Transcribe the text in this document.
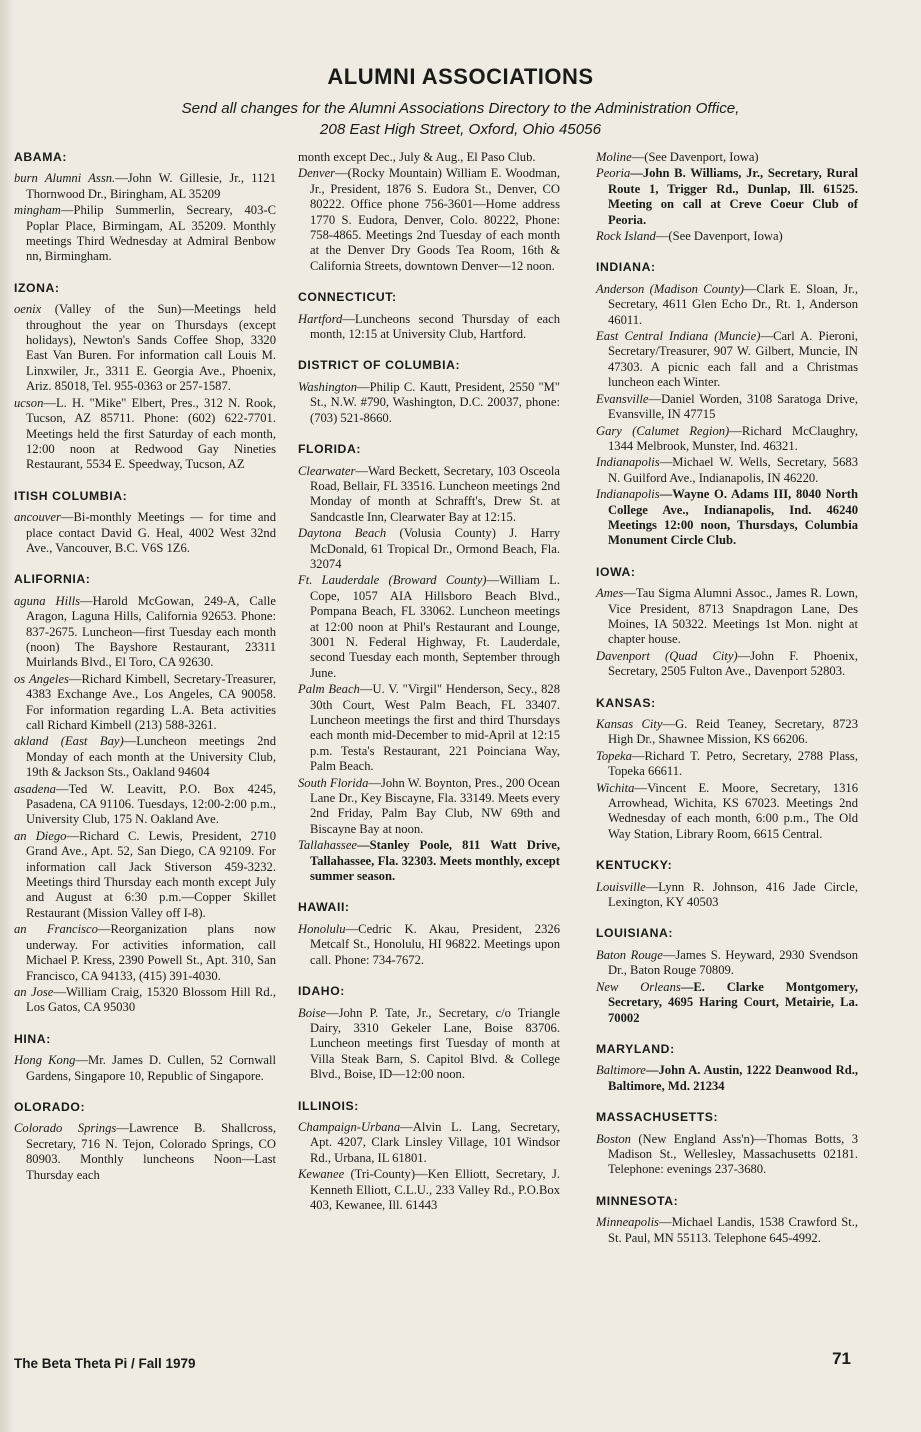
ALUMNI ASSOCIATIONS

Send all changes for the Alumni Associations Directory to the Administration Office,
208 East High Street, Oxford, Ohio 45056

ABAMA:

burn Alumni Assn.—John W. Gillesie, Jr., 1121 Thornwood Dr., Biringham, AL 35209

mingham—Philip Summerlin, Secreary, 403-C Poplar Place, Birmingam, AL 35209. Monthly meetings Third Wednesday at Admiral Benbow nn, Birmingham.

IZONA:

oenix (Valley of the Sun)—Meetings held throughout the year on Thursdays (except holidays), Newton's Sands Coffee Shop, 3320 East Van Buren. For information call Louis M. Linxwiler, Jr., 3311 E. Georgia Ave., Phoenix, Ariz. 85018, Tel. 955-0363 or 257-1587.

ucson—L. H. "Mike" Elbert, Pres., 312 N. Rook, Tucson, AZ 85711. Phone: (602) 622-7701. Meetings held the first Saturday of each month, 12:00 noon at Redwood Gay Nineties Restaurant, 5534 E. Speedway, Tucson, AZ

ITISH COLUMBIA:

ancouver—Bi-monthly Meetings — for time and place contact David G. Heal, 4002 West 32nd Ave., Vancouver, B.C. V6S 1Z6.

ALIFORNIA:

aguna Hills—Harold McGowan, 249-A, Calle Aragon, Laguna Hills, California 92653. Phone: 837-2675. Luncheon—first Tuesday each month (noon) The Bayshore Restaurant, 23311 Muirlands Blvd., El Toro, CA 92630.

os Angeles—Richard Kimbell, Secretary-Treasurer, 4383 Exchange Ave., Los Angeles, CA 90058. For information regarding L.A. Beta activities call Richard Kimbell (213) 588-3261.

akland (East Bay)—Luncheon meetings 2nd Monday of each month at the University Club, 19th & Jackson Sts., Oakland 94604

asadena—Ted W. Leavitt, P.O. Box 4245, Pasadena, CA 91106. Tuesdays, 12:00-2:00 p.m., University Club, 175 N. Oakland Ave.

an Diego—Richard C. Lewis, President, 2710 Grand Ave., Apt. 52, San Diego, CA 92109. For information call Jack Stiverson 459-3232. Meetings third Thursday each month except July and August at 6:30 p.m.—Copper Skillet Restaurant (Mission Valley off I-8).

an Francisco—Reorganization plans now underway. For activities information, call Michael P. Kress, 2390 Powell St., Apt. 310, San Francisco, CA 94133, (415) 391-4030.

an Jose—William Craig, 15320 Blossom Hill Rd., Los Gatos, CA 95030

HINA:

Hong Kong—Mr. James D. Cullen, 52 Cornwall Gardens, Singapore 10, Republic of Singapore.

OLORADO:

Colorado Springs—Lawrence B. Shallcross, Secretary, 716 N. Tejon, Colorado Springs, CO 80903. Monthly luncheons Noon—Last Thursday each

month except Dec., July & Aug., El Paso Club.

Denver—(Rocky Mountain) William E. Woodman, Jr., President, 1876 S. Eudora St., Denver, CO 80222. Office phone 756-3601—Home address 1770 S. Eudora, Denver, Colo. 80222, Phone: 758-4865. Meetings 2nd Tuesday of each month at the Denver Dry Goods Tea Room, 16th & California Streets, downtown Denver—12 noon.

CONNECTICUT:

Hartford—Luncheons second Thursday of each month, 12:15 at University Club, Hartford.

DISTRICT OF COLUMBIA:

Washington—Philip C. Kautt, President, 2550 "M" St., N.W. #790, Washington, D.C. 20037, phone: (703) 521-8660.

FLORIDA:

Clearwater—Ward Beckett, Secretary, 103 Osceola Road, Bellair, FL 33516. Luncheon meetings 2nd Monday of month at Schrafft's, Drew St. at Sandcastle Inn, Clearwater Bay at 12:15.

Daytona Beach (Volusia County) J. Harry McDonald, 61 Tropical Dr., Ormond Beach, Fla. 32074

Ft. Lauderdale (Broward County)—William L. Cope, 1057 AIA Hillsboro Beach Blvd., Pompana Beach, FL 33062. Luncheon meetings at 12:00 noon at Phil's Restaurant and Lounge, 3001 N. Federal Highway, Ft. Lauderdale, second Tuesday each month, September through June.

Palm Beach—U. V. "Virgil" Henderson, Secy., 828 30th Court, West Palm Beach, FL 33407. Luncheon meetings the first and third Thursdays each month mid-December to mid-April at 12:15 p.m. Testa's Restaurant, 221 Poinciana Way, Palm Beach.

South Florida—John W. Boynton, Pres., 200 Ocean Lane Dr., Key Biscayne, Fla. 33149. Meets every 2nd Friday, Palm Bay Club, NW 69th and Biscayne Bay at noon.

Tallahassee—Stanley Poole, 811 Watt Drive, Tallahassee, Fla. 32303. Meets monthly, except summer season.

HAWAII:

Honolulu—Cedric K. Akau, President, 2326 Metcalf St., Honolulu, HI 96822. Meetings upon call. Phone: 734-7672.

IDAHO:

Boise—John P. Tate, Jr., Secretary, c/o Triangle Dairy, 3310 Gekeler Lane, Boise 83706. Luncheon meetings first Tuesday of month at Villa Steak Barn, S. Capitol Blvd. & College Blvd., Boise, ID—12:00 noon.

ILLINOIS:

Champaign-Urbana—Alvin L. Lang, Secretary, Apt. 4207, Clark Linsley Village, 101 Windsor Rd., Urbana, IL 61801.

Kewanee (Tri-County)—Ken Elliott, Secretary, J. Kenneth Elliott, C.L.U., 233 Valley Rd., P.O.Box 403, Kewanee, Ill. 61443

Moline—(See Davenport, Iowa)

Peoria—John B. Williams, Jr., Secretary, Rural Route 1, Trigger Rd., Dunlap, Ill. 61525. Meeting on call at Creve Coeur Club of Peoria.

Rock Island—(See Davenport, Iowa)

INDIANA:

Anderson (Madison County)—Clark E. Sloan, Jr., Secretary, 4611 Glen Echo Dr., Rt. 1, Anderson 46011.

East Central Indiana (Muncie)—Carl A. Pieroni, Secretary/Treasurer, 907 W. Gilbert, Muncie, IN 47303. A picnic each fall and a Christmas luncheon each Winter.

Evansville—Daniel Worden, 3108 Saratoga Drive, Evansville, IN 47715

Gary (Calumet Region)—Richard McClaughry, 1344 Melbrook, Munster, Ind. 46321.

Indianapolis—Michael W. Wells, Secretary, 5683 N. Guilford Ave., Indianapolis, IN 46220.

Indianapolis—Wayne O. Adams III, 8040 North College Ave., Indianapolis, Ind. 46240 Meetings 12:00 noon, Thursdays, Columbia Monument Circle Club.

IOWA:

Ames—Tau Sigma Alumni Assoc., James R. Lown, Vice President, 8713 Snapdragon Lane, Des Moines, IA 50322. Meetings 1st Mon. night at chapter house.

Davenport (Quad City)—John F. Phoenix, Secretary, 2505 Fulton Ave., Davenport 52803.

KANSAS:

Kansas City—G. Reid Teaney, Secretary, 8723 High Dr., Shawnee Mission, KS 66206.

Topeka—Richard T. Petro, Secretary, 2788 Plass, Topeka 66611.

Wichita—Vincent E. Moore, Secretary, 1316 Arrowhead, Wichita, KS 67023. Meetings 2nd Wednesday of each month, 6:00 p.m., The Old Way Station, Library Room, 6615 Central.

KENTUCKY:

Louisville—Lynn R. Johnson, 416 Jade Circle, Lexington, KY 40503

LOUISIANA:

Baton Rouge—James S. Heyward, 2930 Svendson Dr., Baton Rouge 70809.

New Orleans—E. Clarke Montgomery, Secretary, 4695 Haring Court, Metairie, La. 70002

MARYLAND:

Baltimore—John A. Austin, 1222 Deanwood Rd., Baltimore, Md. 21234

MASSACHUSETTS:

Boston (New England Ass'n)—Thomas Botts, 3 Madison St., Wellesley, Massachusetts 02181. Telephone: evenings 237-3680.

MINNESOTA:

Minneapolis—Michael Landis, 1538 Crawford St., St. Paul, MN 55113. Telephone 645-4992.

The Beta Theta Pi / Fall 1979	71
